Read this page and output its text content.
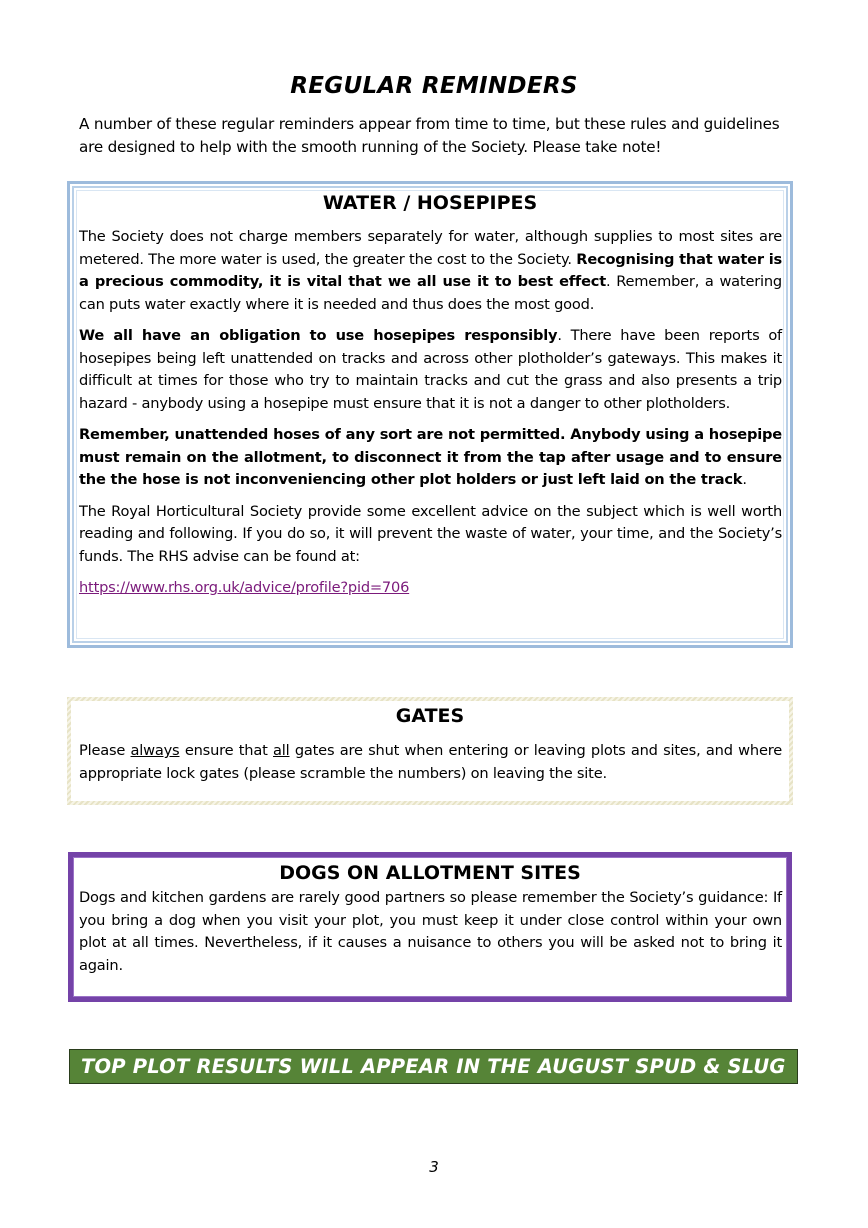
REGULAR REMINDERS
A number of these regular reminders appear from time to time, but these rules and guidelines are designed to help with the smooth running of the Society. Please take note!
WATER / HOSEPIPES

The Society does not charge members separately for water, although supplies to most sites are metered. The more water is used, the greater the cost to the Society. Recognising that water is a precious commodity, it is vital that we all use it to best effect. Remember, a watering can puts water exactly where it is needed and thus does the most good.

We all have an obligation to use hosepipes responsibly. There have been reports of hosepipes being left unattended on tracks and across other plotholder’s gateways. This makes it difficult at times for those who try to maintain tracks and cut the grass and also presents a trip hazard - anybody using a hosepipe must ensure that it is not a danger to other plotholders.

Remember, unattended hoses of any sort are not permitted. Anybody using a hosepipe must remain on the allotment, to disconnect it from the tap after usage and to ensure the the hose is not inconveniencing other plot holders or just left laid on the track.

The Royal Horticultural Society provide some excellent advice on the subject which is well worth reading and following. If you do so, it will prevent the waste of water, your time, and the Society’s funds. The RHS advise can be found at:

https://www.rhs.org.uk/advice/profile?pid=706

GATES

Please always ensure that all gates are shut when entering or leaving plots and sites, and where appropriate lock gates (please scramble the numbers) on leaving the site.

DOGS ON ALLOTMENT SITES

Dogs and kitchen gardens are rarely good partners so please remember the Society’s guidance: If you bring a dog when you visit your plot, you must keep it under close control within your own plot at all times. Nevertheless, if it causes a nuisance to others you will be asked not to bring it again.

TOP PLOT RESULTS WILL APPEAR IN THE AUGUST SPUD & SLUG
3
